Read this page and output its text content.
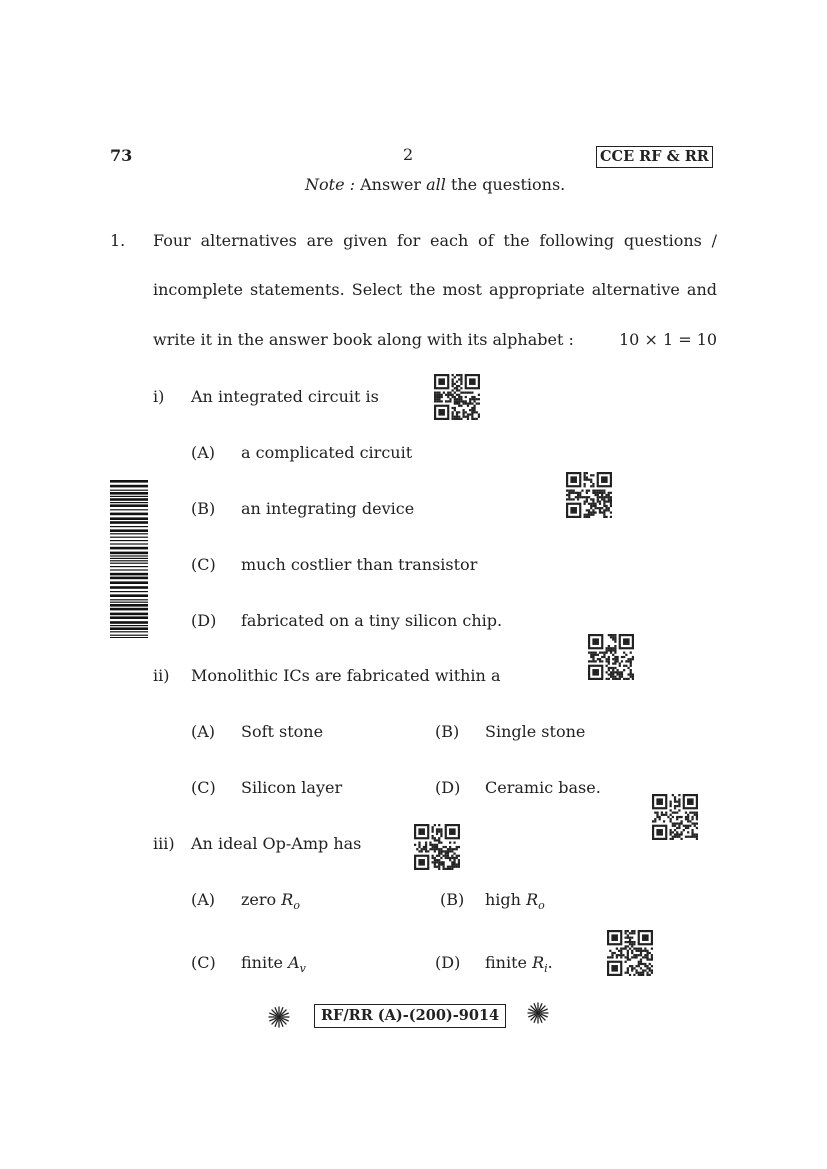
73	2	CCE RF & RR
Note : Answer all the questions.
1. Four alternatives are given for each of the following questions /
incomplete statements. Select the most appropriate alternative and
write it in the answer book along with its alphabet :	10 × 1 = 10
i) An integrated circuit is
(A) a complicated circuit
(B) an integrating device
(C) much costlier than transistor
(D) fabricated on a tiny silicon chip.
ii) Monolithic ICs are fabricated within a
(A) Soft stone	(B) Single stone
(C) Silicon layer	(D) Ceramic base.
iii) An ideal Op-Amp has
(A) zero $R_o$	(B) high $R_o$
(C) finite $A_v$	(D) finite $R_i$.
RF/RR (A)-(200)-9014
